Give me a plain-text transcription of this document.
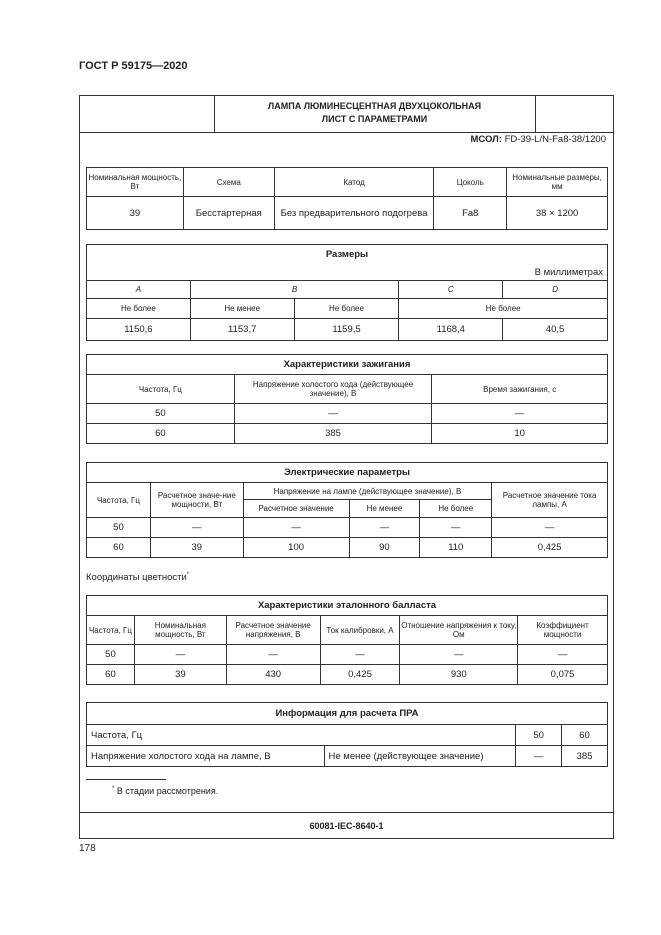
ГОСТ Р 59175—2020
ЛАМПА ЛЮМИНЕСЦЕНТНАЯ ДВУХЦОКОЛЬНАЯ
ЛИСТ С ПАРАМЕТРАМИ
МСОЛ: FD-39-L/N-Fa8-38/1200
Номинальная мощность, Вт	Схема	Катод	Цоколь	Номинальные размеры, мм
39	Бесстартерная	Без предварительного подогрева	Fa8	38 × 1200
Размеры				
В миллиметрах				
A	B		C	D
Не более	Не менее	Не более	Не более	
1150,6	1153,7	1159,5	1168,4	40,5
Характеристики зажигания		
Частота, Гц	Напряжение холостого хода (действующее значение), В	Время зажигания, с
50	—	—
60	385	10
Электрические параметры					
Частота, Гц	Расчетное значе-ние мощности, Вт	Напряжение на лампе (действующее значение), В			Расчетное значение тока лампы, А
		Расчетное значение	Не менее	Не более	
50	—	—	—	—	—
60	39	100	90	110	0,425
Координаты цветности*
Характеристики эталонного балласта					
Частота, Гц	Номинальная мощность, Вт	Расчетное значение напряжения, В	Ток калибровки, А	Отношение напряжения к току, Ом	Коэффициент мощности
50	—	—	—	—	—
60	39	430	0,425	930	0,075
Информация для расчета ПРА			
Частота, Гц		50	60
Напряжение холостого хода на лампе, В	Не менее (действующее значение)	—	385
* В стадии рассмотрения.
60081-IEC-8640-1
178
